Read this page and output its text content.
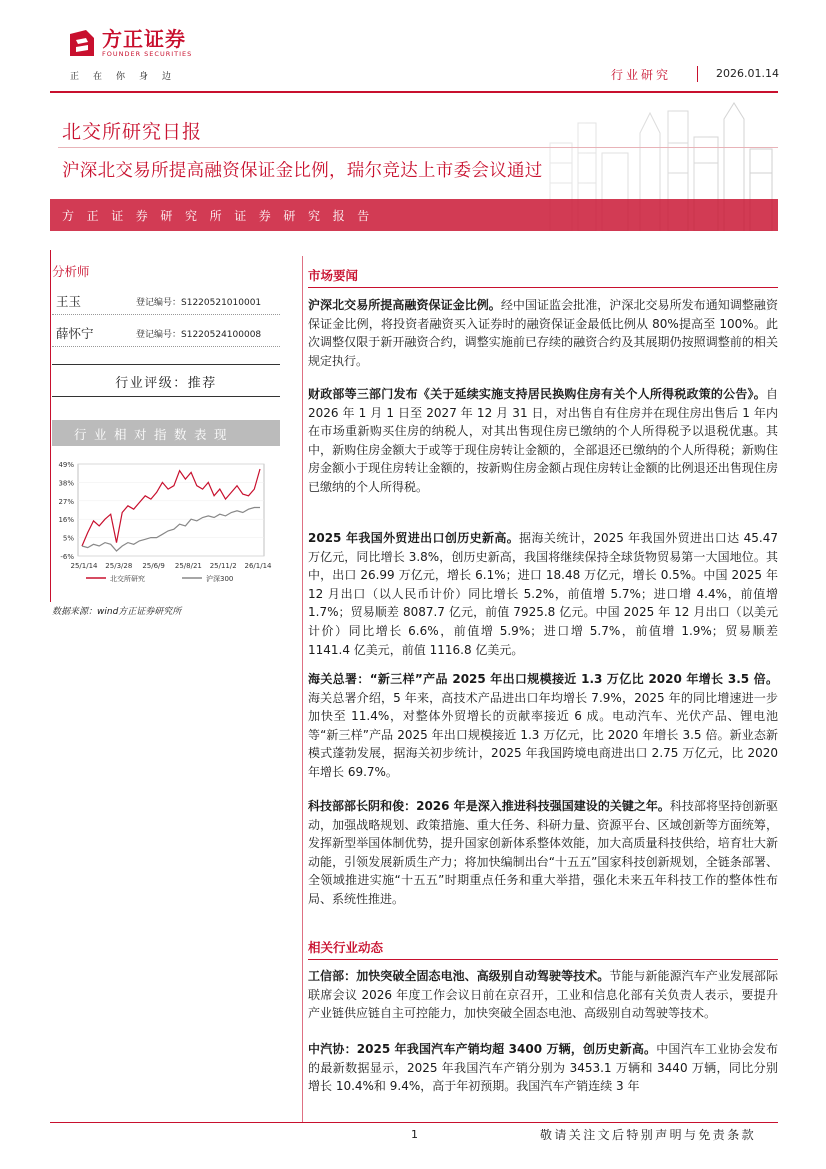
方正证券
FOUNDER SECURITIES
正在你身边	行业研究	2026.01.14
北交所研究日报
沪深北交易所提高融资保证金比例，瑞尔竞达上市委会议通过
方正证券研究所证券研究报告
分析师
王玉	登记编号：S1220521010001
薛怀宁	登记编号：S1220524100008
行业评级：推荐
行业相对指数表现
49%
38%
27%
16%
5%
-6%
25/1/14 25/3/28 25/6/9 25/8/21 25/11/2 26/1/14
北交所研究	沪深300
数据来源：wind方正证券研究所
市场要闻
沪深北交易所提高融资保证金比例。经中国证监会批准，沪深北交易所发布通知调整融资保证金比例，将投资者融资买入证券时的融资保证金最低比例从 80%提高至 100%。此次调整仅限于新开融资合约，调整实施前已存续的融资合约及其展期仍按照调整前的相关规定执行。
财政部等三部门发布《关于延续实施支持居民换购住房有关个人所得税政策的公告》。自 2026 年 1 月 1 日至 2027 年 12 月 31 日，对出售自有住房并在现住房出售后 1 年内在市场重新购买住房的纳税人，对其出售现住房已缴纳的个人所得税予以退税优惠。其中，新购住房金额大于或等于现住房转让金额的，全部退还已缴纳的个人所得税；新购住房金额小于现住房转让金额的，按新购住房金额占现住房转让金额的比例退还出售现住房已缴纳的个人所得税。
2025 年我国外贸进出口创历史新高。据海关统计，2025 年我国外贸进出口达 45.47 万亿元，同比增长 3.8%，创历史新高，我国将继续保持全球货物贸易第一大国地位。其中，出口 26.99 万亿元，增长 6.1%；进口 18.48 万亿元，增长 0.5%。中国 2025 年 12 月出口（以人民币计价）同比增长 5.2%，前值增 5.7%；进口增 4.4%，前值增 1.7%；贸易顺差 8087.7 亿元，前值 7925.8 亿元。中国 2025 年 12 月出口（以美元计价）同比增长 6.6%，前值增 5.9%；进口增 5.7%，前值增 1.9%；贸易顺差 1141.4 亿美元，前值 1116.8 亿美元。
海关总署：“新三样”产品 2025 年出口规模接近 1.3 万亿比 2020 年增长 3.5 倍。海关总署介绍，5 年来，高技术产品进出口年均增长 7.9%，2025 年的同比增速进一步加快至 11.4%，对整体外贸增长的贡献率接近 6 成。电动汽车、光伏产品、锂电池等“新三样”产品 2025 年出口规模接近 1.3 万亿元，比 2020 年增长 3.5 倍。新业态新模式蓬勃发展，据海关初步统计，2025 年我国跨境电商进出口 2.75 万亿元，比 2020 年增长 69.7%。
科技部部长阴和俊：2026 年是深入推进科技强国建设的关键之年。科技部将坚持创新驱动，加强战略规划、政策措施、重大任务、科研力量、资源平台、区域创新等方面统筹，发挥新型举国体制优势，提升国家创新体系整体效能，加大高质量科技供给，培育壮大新动能，引领发展新质生产力；将加快编制出台“十五五”国家科技创新规划，全链条部署、全领域推进实施“十五五”时期重点任务和重大举措，强化未来五年科技工作的整体性布局、系统性推进。
相关行业动态
工信部：加快突破全固态电池、高级别自动驾驶等技术。节能与新能源汽车产业发展部际联席会议 2026 年度工作会议日前在京召开，工业和信息化部有关负责人表示，要提升产业链供应链自主可控能力，加快突破全固态电池、高级别自动驾驶等技术。
中汽协：2025 年我国汽车产销均超 3400 万辆，创历史新高。中国汽车工业协会发布的最新数据显示，2025 年我国汽车产销分别为 3453.1 万辆和 3440 万辆，同比分别增长 10.4%和 9.4%，高于年初预期。我国汽车产销连续 3 年
1	敬请关注文后特别声明与免责条款
